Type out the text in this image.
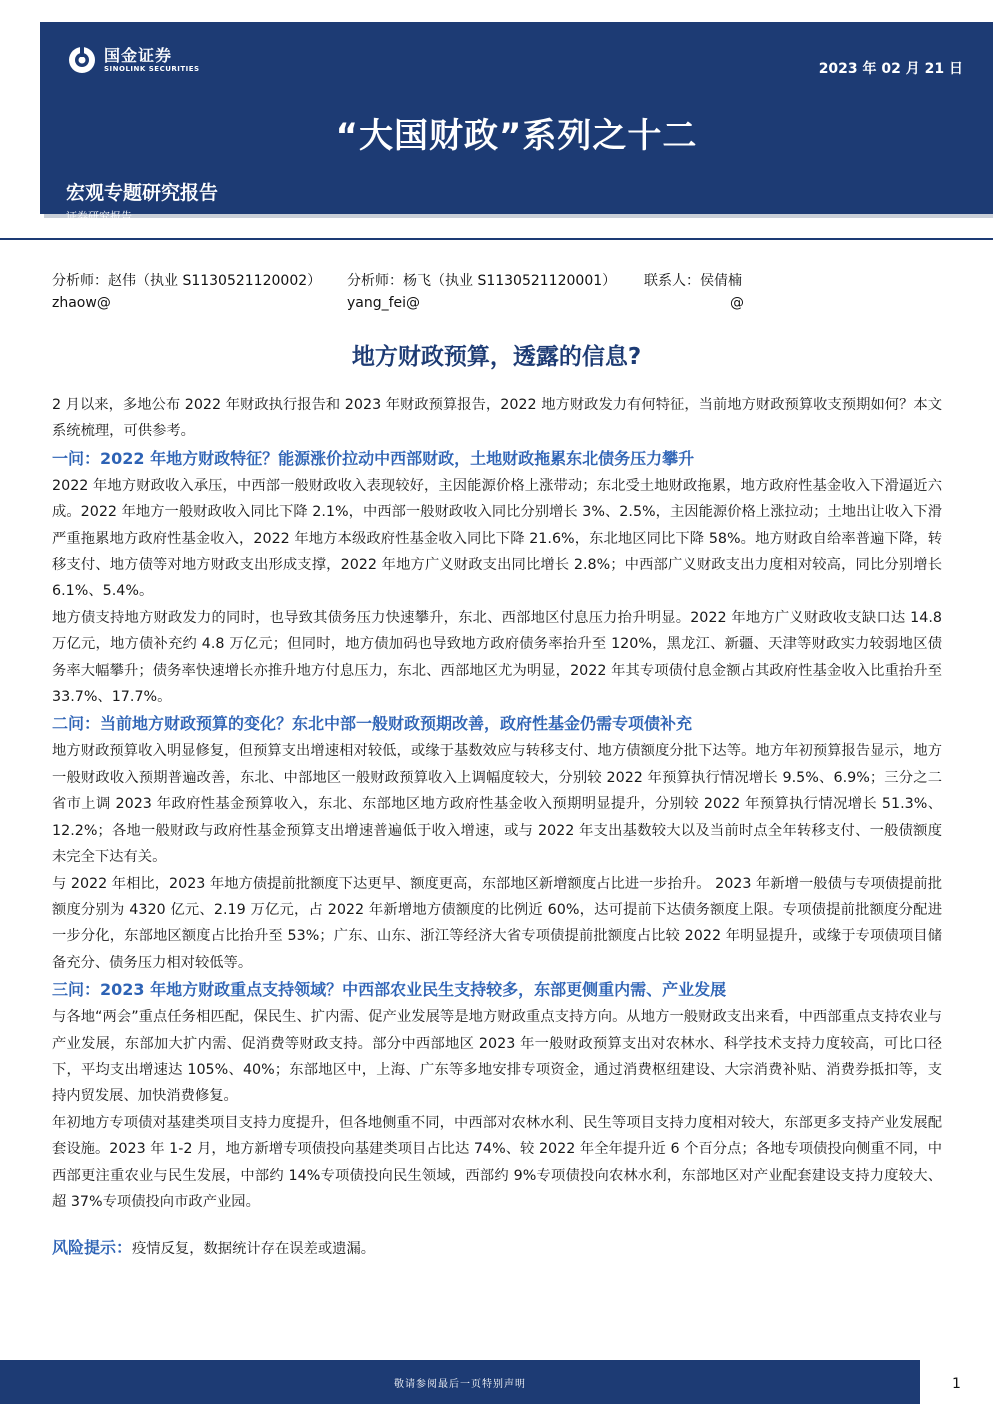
国金证券
SINOLINK SECURITIES	2023 年 02 月 21 日
“大国财政”系列之十二
宏观专题研究报告
证券研究报告
分析师：赵伟（执业 S1130521120002）
zhaow@
分析师：杨飞（执业 S1130521120001）
yang_fei@
联系人：侯倩楠
@
地方财政预算，透露的信息?

2 月以来，多地公布 2022 年财政执行报告和 2023 年财政预算报告，2022 地方财政发力有何特征，当前地方财政预算收支预期如何？本文系统梳理，可供参考。

一问：2022 年地方财政特征？能源涨价拉动中西部财政，土地财政拖累东北债务压力攀升

2022 年地方财政收入承压，中西部一般财政收入表现较好，主因能源价格上涨带动；东北受土地财政拖累，地方政府性基金收入下滑逼近六成。2022 年地方一般财政收入同比下降 2.1%，中西部一般财政收入同比分别增长 3%、2.5%，主因能源价格上涨拉动；土地出让收入下滑严重拖累地方政府性基金收入，2022 年地方本级政府性基金收入同比下降 21.6%，东北地区同比下降 58%。地方财政自给率普遍下降，转移支付、地方债等对地方财政支出形成支撑，2022 年地方广义财政支出同比增长 2.8%；中西部广义财政支出力度相对较高，同比分别增长 6.1%、5.4%。

地方债支持地方财政发力的同时，也导致其债务压力快速攀升，东北、西部地区付息压力抬升明显。2022 年地方广义财政收支缺口达 14.8 万亿元，地方债补充约 4.8 万亿元；但同时，地方债加码也导致地方政府债务率抬升至 120%，黑龙江、新疆、天津等财政实力较弱地区债务率大幅攀升；债务率快速增长亦推升地方付息压力，东北、西部地区尤为明显，2022 年其专项债付息金额占其政府性基金收入比重抬升至 33.7%、17.7%。

二问：当前地方财政预算的变化？东北中部一般财政预期改善，政府性基金仍需专项债补充

地方财政预算收入明显修复，但预算支出增速相对较低，或缘于基数效应与转移支付、地方债额度分批下达等。地方年初预算报告显示，地方一般财政收入预期普遍改善，东北、中部地区一般财政预算收入上调幅度较大，分别较 2022 年预算执行情况增长 9.5%、6.9%；三分之二省市上调 2023 年政府性基金预算收入，东北、东部地区地方政府性基金收入预期明显提升，分别较 2022 年预算执行情况增长 51.3%、12.2%；各地一般财政与政府性基金预算支出增速普遍低于收入增速，或与 2022 年支出基数较大以及当前时点全年转移支付、一般债额度未完全下达有关。

与 2022 年相比，2023 年地方债提前批额度下达更早、额度更高，东部地区新增额度占比进一步抬升。 2023 年新增一般债与专项债提前批额度分别为 4320 亿元、2.19 万亿元，占 2022 年新增地方债额度的比例近 60%，达可提前下达债务额度上限。专项债提前批额度分配进一步分化，东部地区额度占比抬升至 53%；广东、山东、浙江等经济大省专项债提前批额度占比较 2022 年明显提升，或缘于专项债项目储备充分、债务压力相对较低等。

三问：2023 年地方财政重点支持领域？中西部农业民生支持较多，东部更侧重内需、产业发展

与各地“两会”重点任务相匹配，保民生、扩内需、促产业发展等是地方财政重点支持方向。从地方一般财政支出来看，中西部重点支持农业与产业发展，东部加大扩内需、促消费等财政支持。部分中西部地区 2023 年一般财政预算支出对农林水、科学技术支持力度较高，可比口径下，平均支出增速达 105%、40%；东部地区中，上海、广东等多地安排专项资金，通过消费枢纽建设、大宗消费补贴、消费券抵扣等，支持内贸发展、加快消费修复。

年初地方专项债对基建类项目支持力度提升，但各地侧重不同，中西部对农林水利、民生等项目支持力度相对较大，东部更多支持产业发展配套设施。2023 年 1-2 月，地方新增专项债投向基建类项目占比达 74%、较 2022 年全年提升近 6 个百分点；各地专项债投向侧重不同，中西部更注重农业与民生发展，中部约 14%专项债投向民生领域，西部约 9%专项债投向农林水利，东部地区对产业配套建设支持力度较大、超 37%专项债投向市政产业园。

风险提示：疫情反复，数据统计存在误差或遗漏。
敬请参阅最后一页特别声明	1
